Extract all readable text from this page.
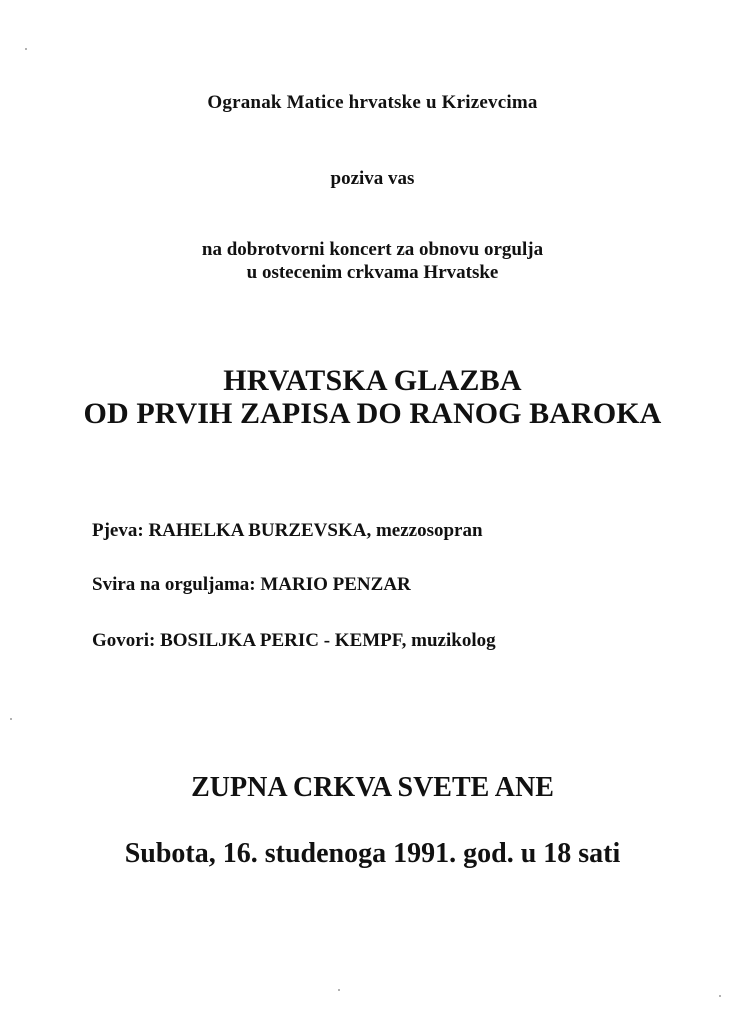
Ogranak Matice hrvatske u Krizevcima
poziva vas
na dobrotvorni koncert za obnovu orgulja
u ostecenim crkvama Hrvatske
HRVATSKA GLAZBA
OD PRVIH ZAPISA DO RANOG BAROKA
Pjeva: RAHELKA BURZEVSKA, mezzosopran
Svira na orguljama: MARIO PENZAR
Govori: BOSILJKA PERIC - KEMPF, muzikolog
ZUPNA CRKVA SVETE ANE
Subota, 16. studenoga 1991. god. u 18 sati
